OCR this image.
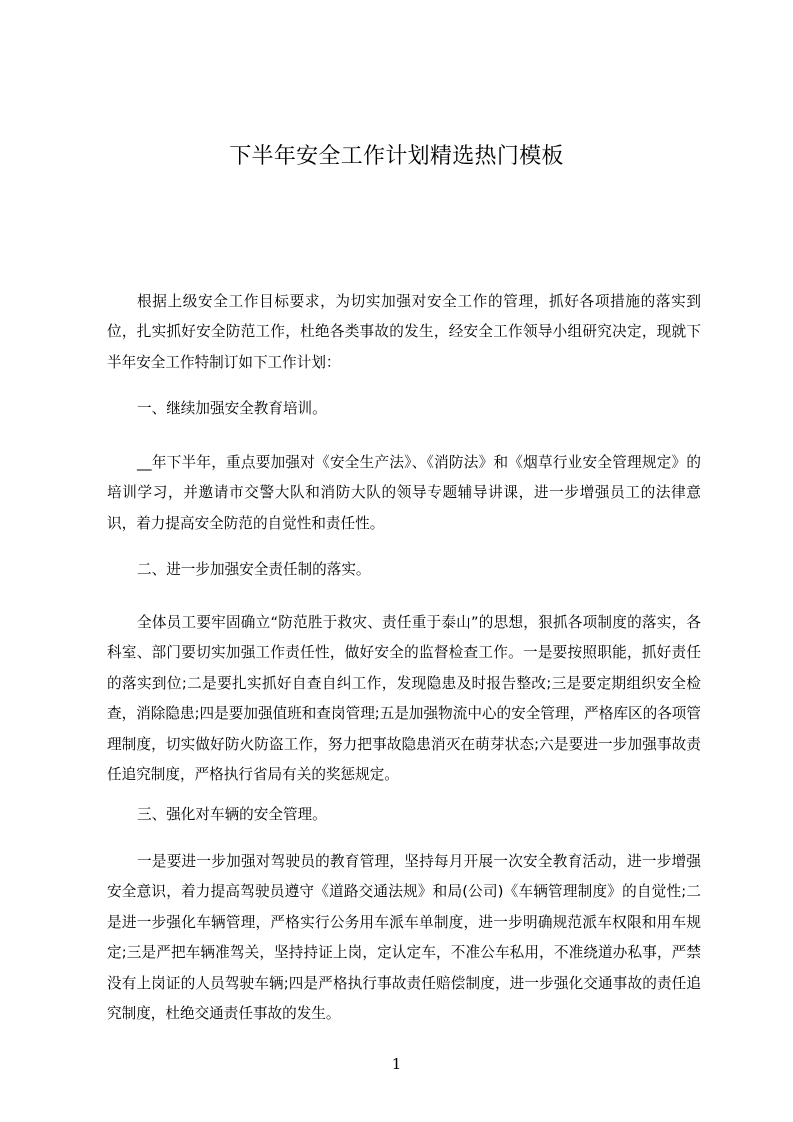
下半年安全工作计划精选热门模板

根据上级安全工作目标要求，为切实加强对安全工作的管理，抓好各项措施的落实到位，扎实抓好安全防范工作，杜绝各类事故的发生，经安全工作领导小组研究决定，现就下半年安全工作特制订如下工作计划：

一、继续加强安全教育培训。

__年下半年，重点要加强对《安全生产法》、《消防法》和《烟草行业安全管理规定》的培训学习，并邀请市交警大队和消防大队的领导专题辅导讲课，进一步增强员工的法律意识，着力提高安全防范的自觉性和责任性。

二、进一步加强安全责任制的落实。

全体员工要牢固确立“防范胜于救灾、责任重于泰山”的思想，狠抓各项制度的落实，各科室、部门要切实加强工作责任性，做好安全的监督检查工作。一是要按照职能，抓好责任的落实到位;二是要扎实抓好自查自纠工作，发现隐患及时报告整改;三是要定期组织安全检查，消除隐患;四是要加强值班和查岗管理;五是加强物流中心的安全管理，严格库区的各项管理制度，切实做好防火防盗工作，努力把事故隐患消灭在萌芽状态;六是要进一步加强事故责任追究制度，严格执行省局有关的奖惩规定。

三、强化对车辆的安全管理。

一是要进一步加强对驾驶员的教育管理，坚持每月开展一次安全教育活动，进一步增强安全意识，着力提高驾驶员遵守《道路交通法规》和局(公司)《车辆管理制度》的自觉性;二是进一步强化车辆管理，严格实行公务用车派车单制度，进一步明确规范派车权限和用车规定;三是严把车辆准驾关，坚持持证上岗，定认定车，不准公车私用，不准绕道办私事，严禁没有上岗证的人员驾驶车辆;四是严格执行事故责任赔偿制度，进一步强化交通事故的责任追究制度，杜绝交通责任事故的发生。

1
